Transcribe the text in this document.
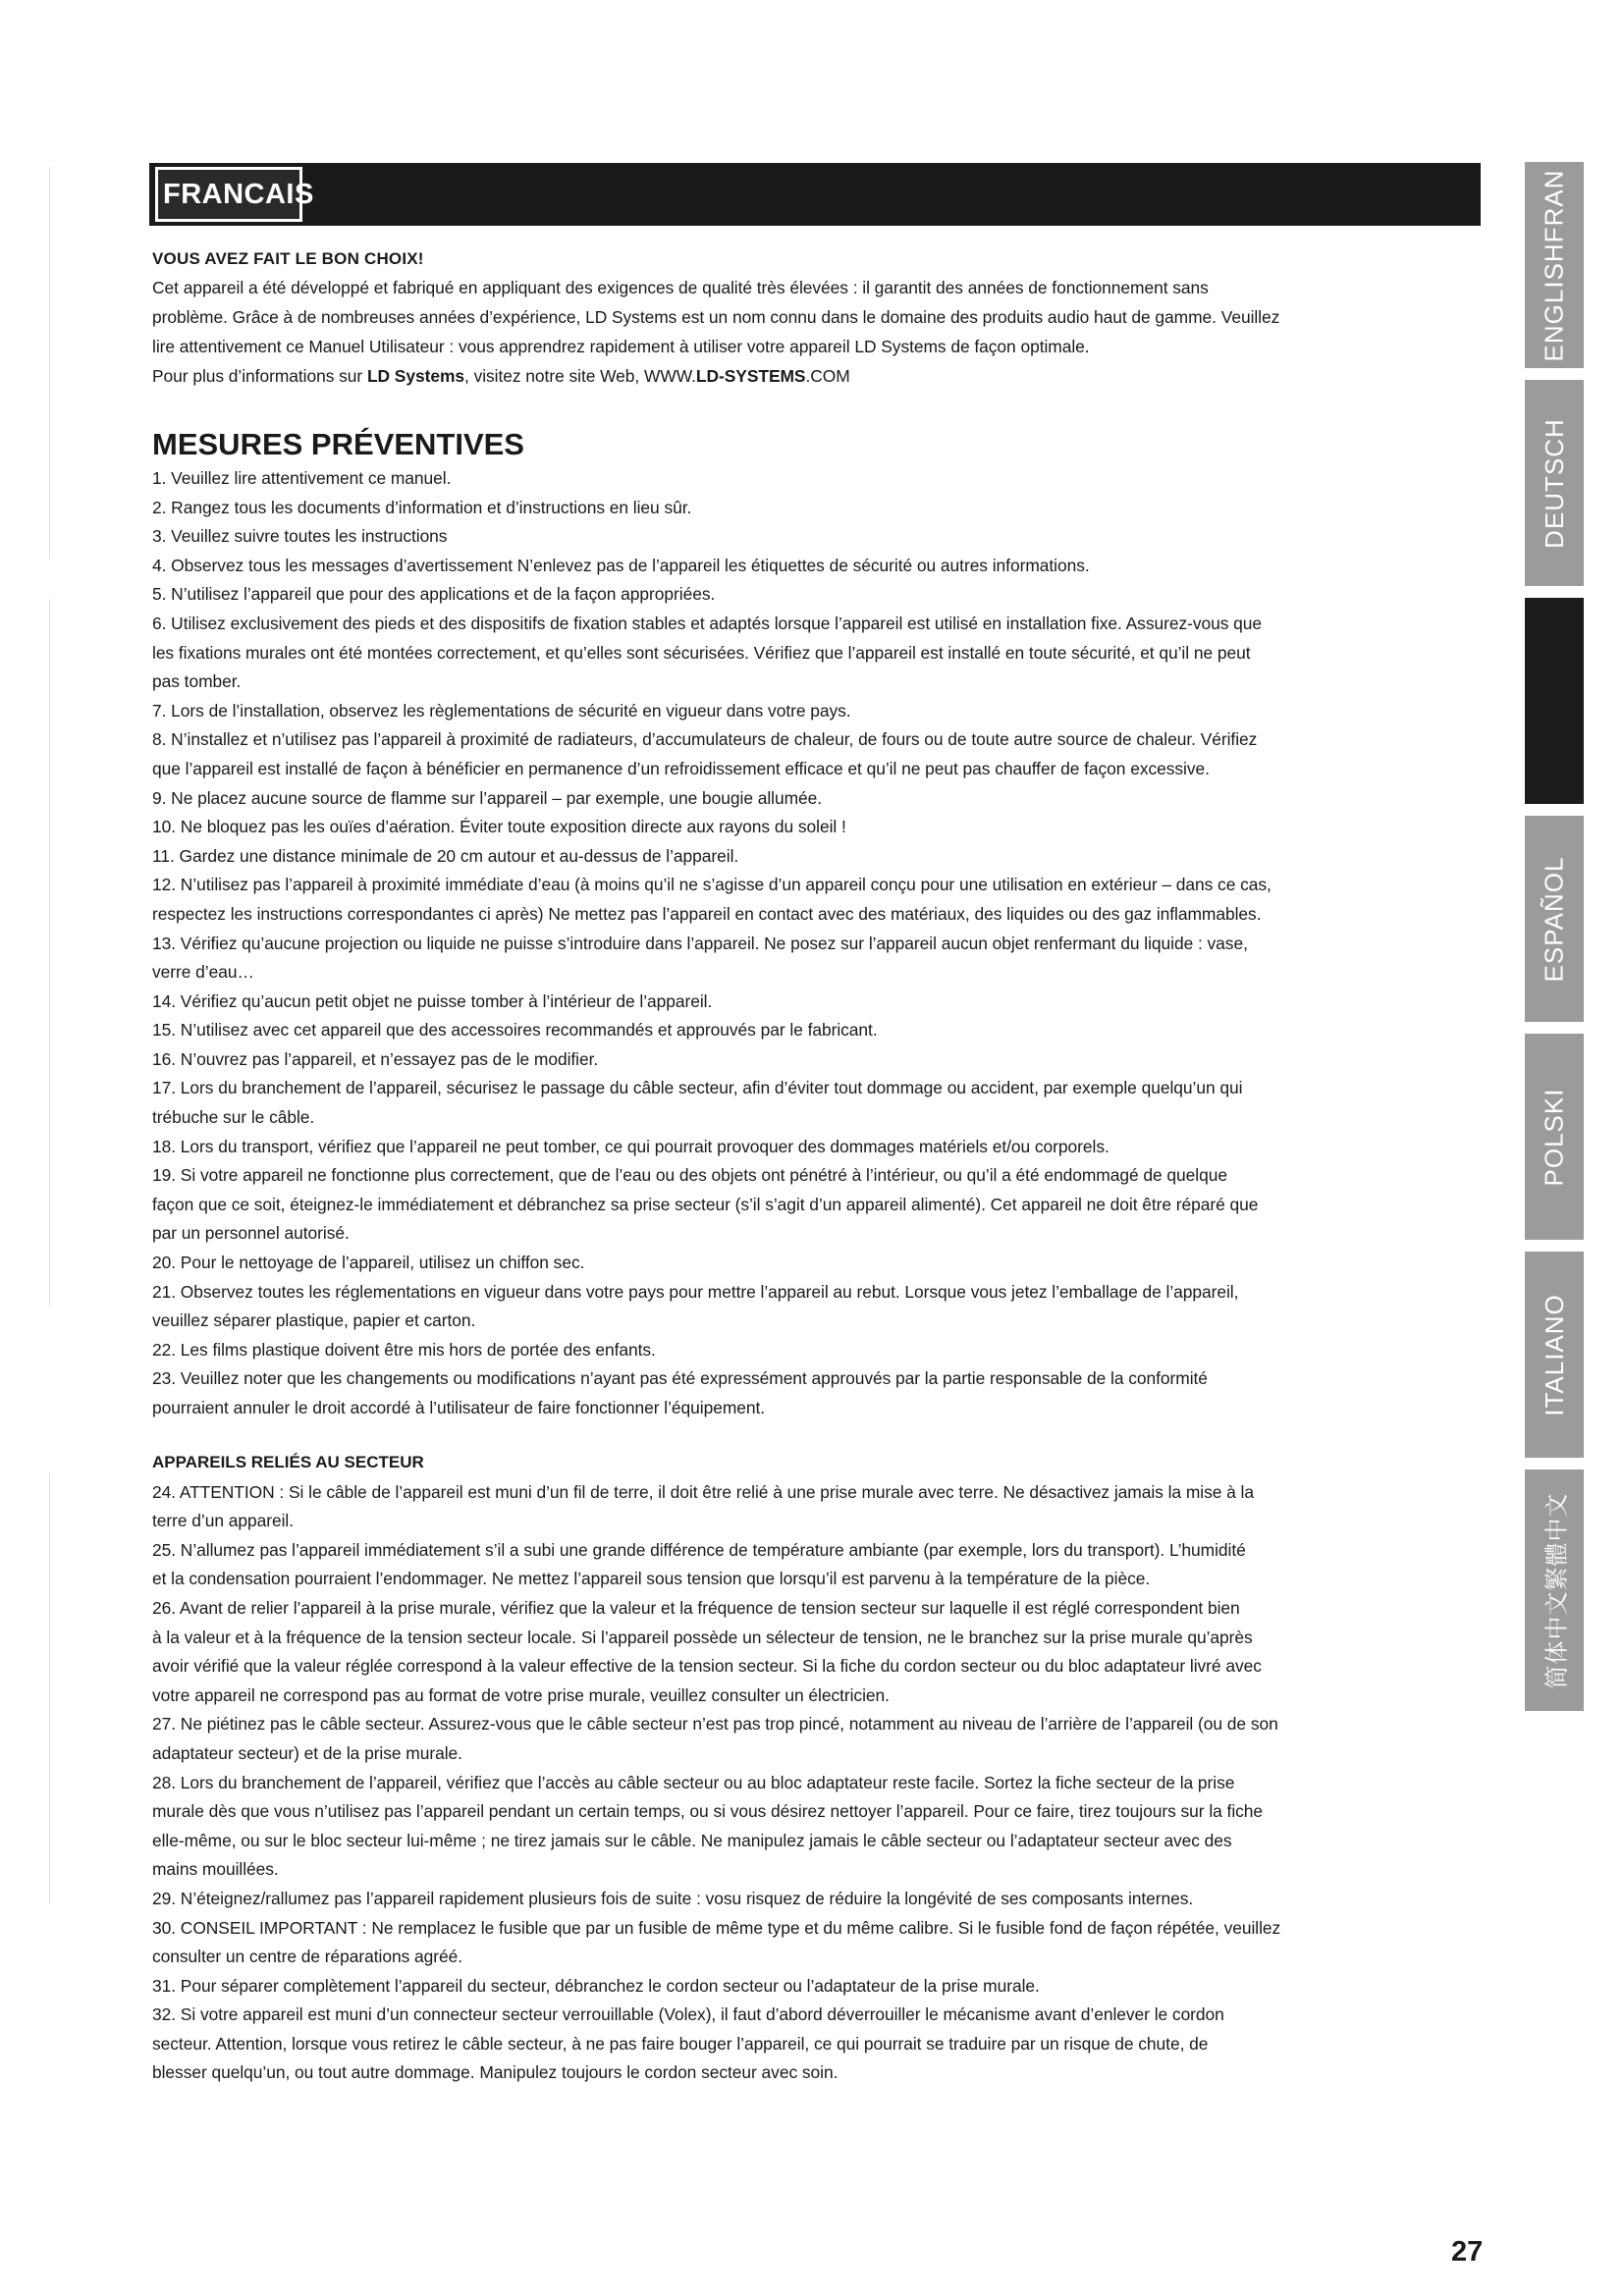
FRANCAIS
VOUS AVEZ FAIT LE BON CHOIX!

Cet appareil a été développé et fabriqué en appliquant des exigences de qualité très élevées : il garantit des années de fonctionnement sans

problème. Grâce à de nombreuses années d’expérience, LD Systems est un nom connu dans le domaine des produits audio haut de gamme. Veuillez

lire attentivement ce Manuel Utilisateur : vous apprendrez rapidement à utiliser votre appareil LD Systems de façon optimale.

Pour plus d’informations sur LD Systems, visitez notre site Web, WWW.LD-SYSTEMS.COM

MESURES PRÉVENTIVES

1. Veuillez lire attentivement ce manuel.

2. Rangez tous les documents d’information et d’instructions en lieu sûr.

3. Veuillez suivre toutes les instructions

4. Observez tous les messages d’avertissement N’enlevez pas de l’appareil les étiquettes de sécurité ou autres informations.

5. N’utilisez l’appareil que pour des applications et de la façon appropriées.

6. Utilisez exclusivement des pieds et des dispositifs de fixation stables et adaptés lorsque l’appareil est utilisé en installation fixe. Assurez-vous que

les fixations murales ont été montées correctement, et qu’elles sont sécurisées. Vérifiez que l’appareil est installé en toute sécurité, et qu’il ne peut

pas tomber.

7. Lors de l’installation, observez les règlementations de sécurité en vigueur dans votre pays.

8. N’installez et n’utilisez pas l’appareil à proximité de radiateurs, d’accumulateurs de chaleur, de fours ou de toute autre source de chaleur. Vérifiez

que l’appareil est installé de façon à bénéficier en permanence d’un refroidissement efficace et qu’il ne peut pas chauffer de façon excessive.

9. Ne placez aucune source de flamme sur l’appareil – par exemple, une bougie allumée.

10. Ne bloquez pas les ouïes d’aération. Éviter toute exposition directe aux rayons du soleil !

11. Gardez une distance minimale de 20 cm autour et au-dessus de l’appareil.

12. N’utilisez pas l’appareil à proximité immédiate d’eau (à moins qu’il ne s’agisse d’un appareil conçu pour une utilisation en extérieur – dans ce cas,

respectez les instructions correspondantes ci après) Ne mettez pas l’appareil en contact avec des matériaux, des liquides ou des gaz inflammables.

13. Vérifiez qu’aucune projection ou liquide ne puisse s’introduire dans l’appareil. Ne posez sur l’appareil aucun objet renfermant du liquide : vase,

verre d’eau…

14. Vérifiez qu’aucun petit objet ne puisse tomber à l’intérieur de l’appareil.

15. N’utilisez avec cet appareil que des accessoires recommandés et approuvés par le fabricant.

16. N’ouvrez pas l’appareil, et n’essayez pas de le modifier.

17. Lors du branchement de l’appareil, sécurisez le passage du câble secteur, afin d’éviter tout dommage ou accident, par exemple quelqu’un qui

trébuche sur le câble.

18. Lors du transport, vérifiez que l’appareil ne peut tomber, ce qui pourrait provoquer des dommages matériels et/ou corporels.

19. Si votre appareil ne fonctionne plus correctement, que de l’eau ou des objets ont pénétré à l’intérieur, ou qu’il a été endommagé de quelque

façon que ce soit, éteignez-le immédiatement et débranchez sa prise secteur (s’il s’agit d’un appareil alimenté). Cet appareil ne doit être réparé que

par un personnel autorisé.

20. Pour le nettoyage de l’appareil, utilisez un chiffon sec.

21. Observez toutes les réglementations en vigueur dans votre pays pour mettre l’appareil au rebut. Lorsque vous jetez l’emballage de l’appareil,

veuillez séparer plastique, papier et carton.

22. Les films plastique doivent être mis hors de portée des enfants.

23. Veuillez noter que les changements ou modifications n’ayant pas été expressément approuvés par la partie responsable de la conformité

pourraient annuler le droit accordé à l’utilisateur de faire fonctionner l’équipement.

APPAREILS RELIÉS AU SECTEUR

24. ATTENTION : Si le câble de l’appareil est muni d’un fil de terre, il doit être relié à une prise murale avec terre. Ne désactivez jamais la mise à la

terre d’un appareil.

25. N’allumez pas l’appareil immédiatement s’il a subi une grande différence de température ambiante (par exemple, lors du transport). L’humidité

et la condensation pourraient l’endommager. Ne mettez l’appareil sous tension que lorsqu’il est parvenu à la température de la pièce.

26. Avant de relier l’appareil à la prise murale, vérifiez que la valeur et la fréquence de tension secteur sur laquelle il est réglé correspondent bien

à la valeur et à la fréquence de la tension secteur locale. Si l’appareil possède un sélecteur de tension, ne le branchez sur la prise murale qu’après

avoir vérifié que la valeur réglée correspond à la valeur effective de la tension secteur. Si la fiche du cordon secteur ou du bloc adaptateur livré avec

votre appareil ne correspond pas au format de votre prise murale, veuillez consulter un électricien.

27. Ne piétinez pas le câble secteur. Assurez-vous que le câble secteur n’est pas trop pincé, notamment au niveau de l’arrière de l’appareil (ou de son

adaptateur secteur) et de la prise murale.

28. Lors du branchement de l’appareil, vérifiez que l’accès au câble secteur ou au bloc adaptateur reste facile. Sortez la fiche secteur de la prise

murale dès que vous n’utilisez pas l’appareil pendant un certain temps, ou si vous désirez nettoyer l’appareil. Pour ce faire, tirez toujours sur la fiche

elle-même, ou sur le bloc secteur lui-même ; ne tirez jamais sur le câble. Ne manipulez jamais le câble secteur ou l’adaptateur secteur avec des

mains mouillées.

29. N’éteignez/rallumez pas l’appareil rapidement plusieurs fois de suite : vosu risquez de réduire la longévité de ses composants internes.

30. CONSEIL IMPORTANT : Ne remplacez le fusible que par un fusible de même type et du même calibre. Si le fusible fond de façon répétée, veuillez

consulter un centre de réparations agréé.

31. Pour séparer complètement l’appareil du secteur, débranchez le cordon secteur ou l’adaptateur de la prise murale.

32. Si votre appareil est muni d’un connecteur secteur verrouillable (Volex), il faut d’abord déverrouiller le mécanisme avant d’enlever le cordon

secteur. Attention, lorsque vous retirez le câble secteur, à ne pas faire bouger l’appareil, ce qui pourrait se traduire par un risque de chute, de

blesser quelqu’un, ou tout autre dommage. Manipulez toujours le cordon secteur avec soin.

ENGLISHFRAN
DEUTSCH
ESPAÑOL
POLSKI
ITALIANO
简体中文繁體中文
27
